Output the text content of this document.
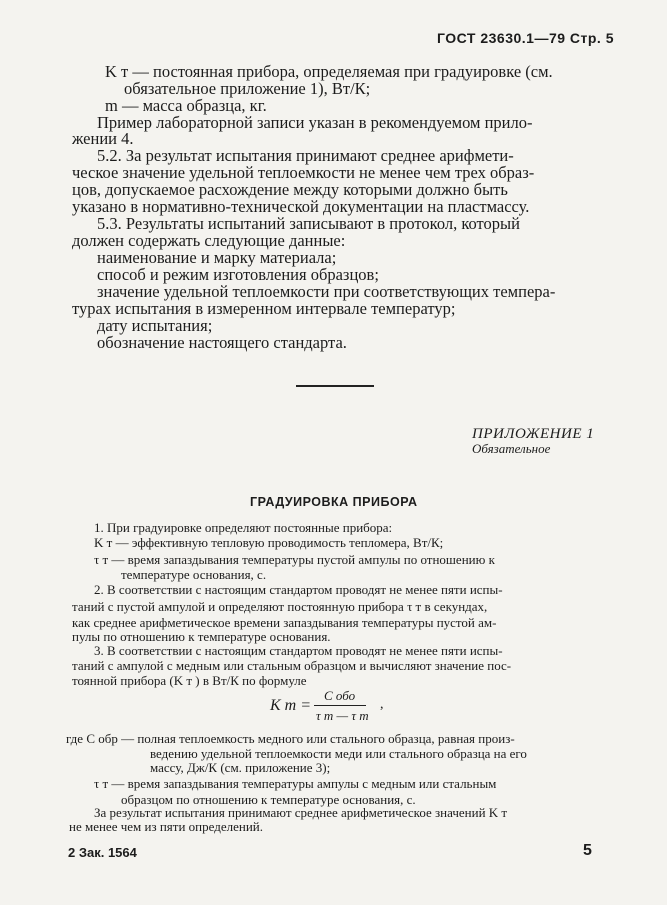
ГОСТ 23630.1—79 Стр. 5
K т — постоянная прибора, определяемая при градуировке (см.
обязательное приложение 1), Вт/К;
m — масса образца, кг.
Пример лабораторной записи указан в рекомендуемом прило-
жении 4.
5.2. За результат испытания принимают среднее арифмети-
ческое значение удельной теплоемкости не менее чем трех образ-
цов, допускаемое расхождение между которыми должно быть
указано в нормативно-технической документации на пластмассу.
5.3. Результаты испытаний записывают в протокол, который
должен содержать следующие данные:
наименование и марку материала;
способ и режим изготовления образцов;
значение удельной теплоемкости при соответствующих темпера-
турах испытания в измеренном интервале температур;
дату испытания;
обозначение настоящего стандарта.
ПРИЛОЖЕНИЕ 1
Обязательное
ГРАДУИРОВКА ПРИБОРА
1. При градуировке определяют постоянные прибора:
K т — эффективную тепловую проводимость тепломера, Вт/К;
τ т — время запаздывания температуры пустой ампулы по отношению к
температуре основания, с.
2. В соответствии с настоящим стандартом проводят не менее пяти испы-
таний с пустой ампулой и определяют постоянную прибора τ т в секундах,
как среднее арифметическое времени запаздывания температуры пустой ам-
пулы по отношению к температуре основания.
3. В соответствии с настоящим стандартом проводят не менее пяти испы-
таний с ампулой с медным или стальным образцом и вычисляют значение пос-
тоянной прибора (K т ) в Вт/К по формуле
K т =
C обо
τ т — τ т
,
где C обр — полная теплоемкость медного или стального образца, равная произ-
ведению удельной теплоемкости меди или стального образца на его
массу, Дж/К (см. приложение 3);
τ т — время запаздывания температуры ампулы с медным или стальным
образцом по отношению к температуре основания, с.
За результат испытания принимают среднее арифметическое значений K т
не менее чем из пяти определений.
2 Зак. 1564	5
